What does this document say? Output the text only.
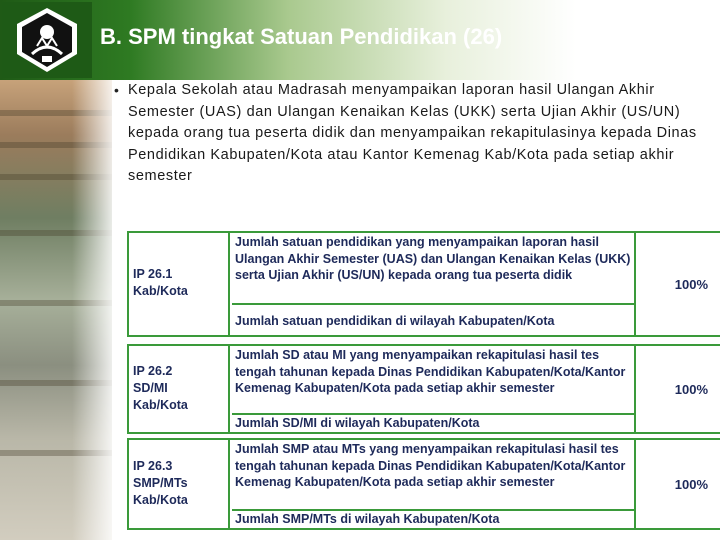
B. SPM tingkat Satuan Pendidikan (26)
• Kepala Sekolah atau Madrasah menyampaikan laporan hasil Ulangan Akhir Semester (UAS) dan Ulangan Kenaikan Kelas (UKK) serta Ujian Akhir (US/UN) kepada orang tua peserta didik dan menyampaikan rekapitulasinya kepada Dinas Pendidikan Kabupaten/Kota atau Kantor Kemenag Kab/Kota pada setiap akhir semester
Pengukuran:
IP 26.1
Kab/Kota
Jumlah satuan pendidikan yang menyampaikan laporan hasil Ulangan Akhir Semester (UAS) dan Ulangan Kenaikan Kelas (UKK) serta Ujian Akhir (US/UN) kepada orang tua peserta didik
Jumlah satuan pendidikan di wilayah Kabupaten/Kota
100%
IP 26.2
SD/MI
Kab/Kota
Jumlah SD atau MI yang menyampaikan rekapitulasi hasil tes tengah tahunan kepada Dinas Pendidikan Kabupaten/Kota/Kantor Kemenag Kabupaten/Kota pada setiap akhir semester
Jumlah SD/MI di wilayah Kabupaten/Kota
100%
IP 26.3
SMP/MTs
Kab/Kota
Jumlah SMP atau MTs yang menyampaikan rekapitulasi hasil tes tengah tahunan kepada Dinas Pendidikan Kabupaten/Kota/Kantor Kemenag Kabupaten/Kota pada setiap akhir semester
Jumlah SMP/MTs di wilayah Kabupaten/Kota
100%
